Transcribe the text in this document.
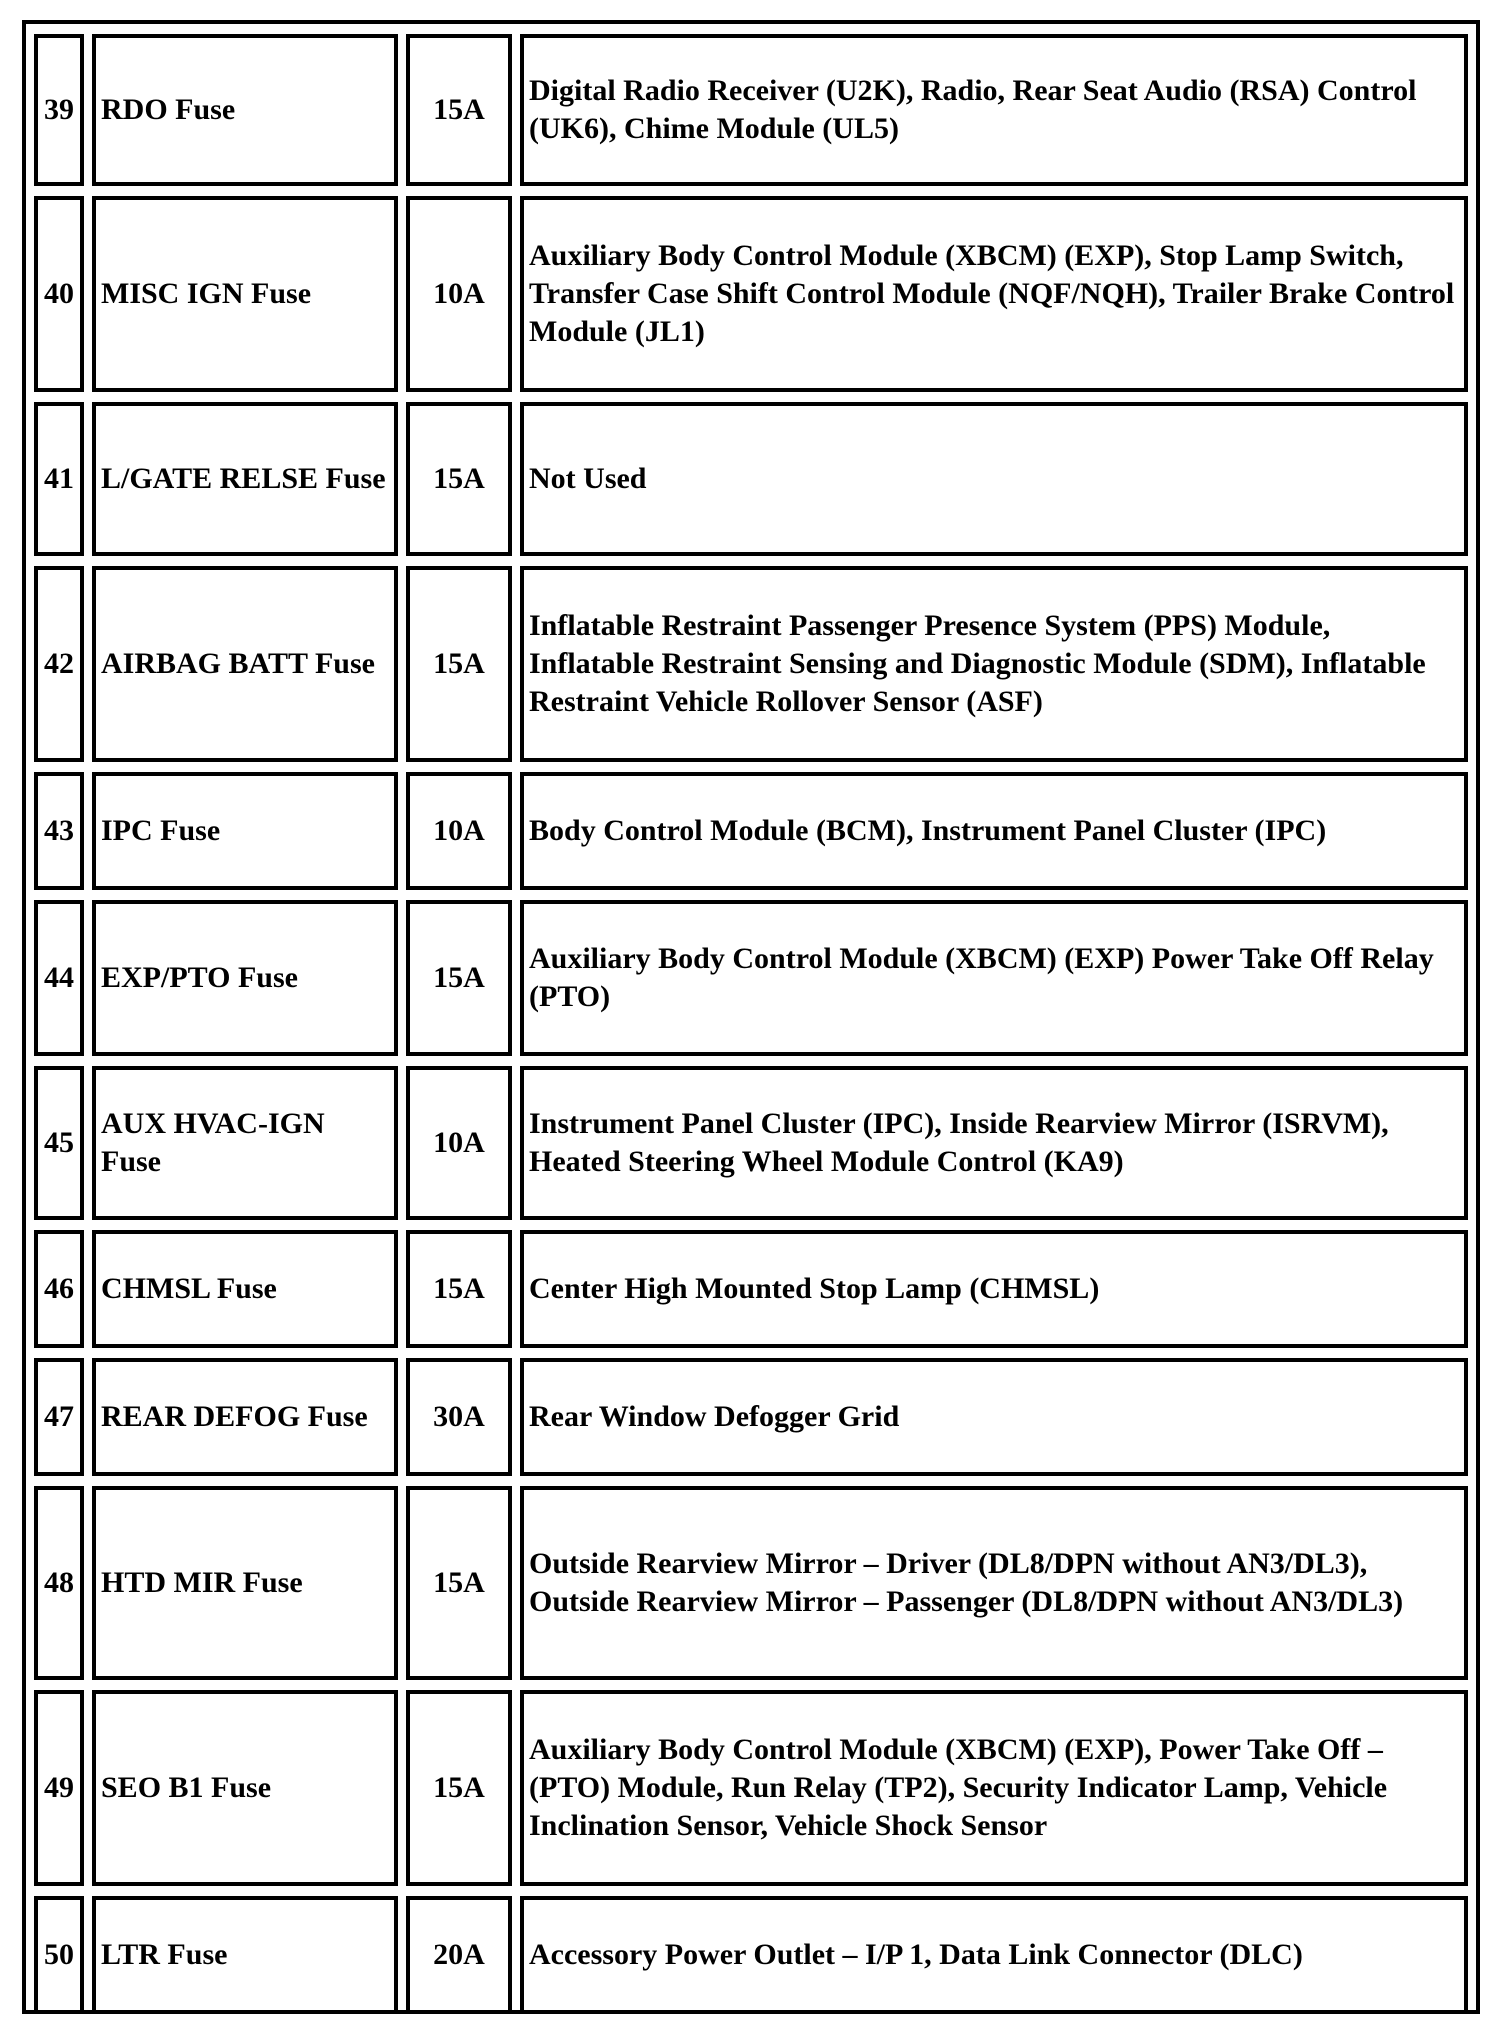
39	RDO Fuse	15A	Digital Radio Receiver (U2K), Radio, Rear Seat Audio (RSA) Control (UK6), Chime Module (UL5)
40	MISC IGN Fuse	10A	Auxiliary Body Control Module (XBCM) (EXP), Stop Lamp Switch, Transfer Case Shift Control Module (NQF/NQH), Trailer Brake Control Module (JL1)
41	L/GATE RELSE Fuse	15A	Not Used
42	AIRBAG BATT Fuse	15A	Inflatable Restraint Passenger Presence System (PPS) Module, Inflatable Restraint Sensing and Diagnostic Module (SDM), Inflatable Restraint Vehicle Rollover Sensor (ASF)
43	IPC Fuse	10A	Body Control Module (BCM), Instrument Panel Cluster (IPC)
44	EXP/PTO Fuse	15A	Auxiliary Body Control Module (XBCM) (EXP) Power Take Off Relay (PTO)
45	AUX HVAC-IGN Fuse	10A	Instrument Panel Cluster (IPC), Inside Rearview Mirror (ISRVM), Heated Steering Wheel Module Control (KA9)
46	CHMSL Fuse	15A	Center High Mounted Stop Lamp (CHMSL)
47	REAR DEFOG Fuse	30A	Rear Window Defogger Grid
48	HTD MIR Fuse	15A	Outside Rearview Mirror – Driver (DL8/DPN without AN3/DL3), Outside Rearview Mirror – Passenger (DL8/DPN without AN3/DL3)
49	SEO B1 Fuse	15A	Auxiliary Body Control Module (XBCM) (EXP), Power Take Off – (PTO) Module, Run Relay (TP2), Security Indicator Lamp, Vehicle Inclination Sensor, Vehicle Shock Sensor
50	LTR Fuse	20A	Accessory Power Outlet – I/P 1, Data Link Connector (DLC)
